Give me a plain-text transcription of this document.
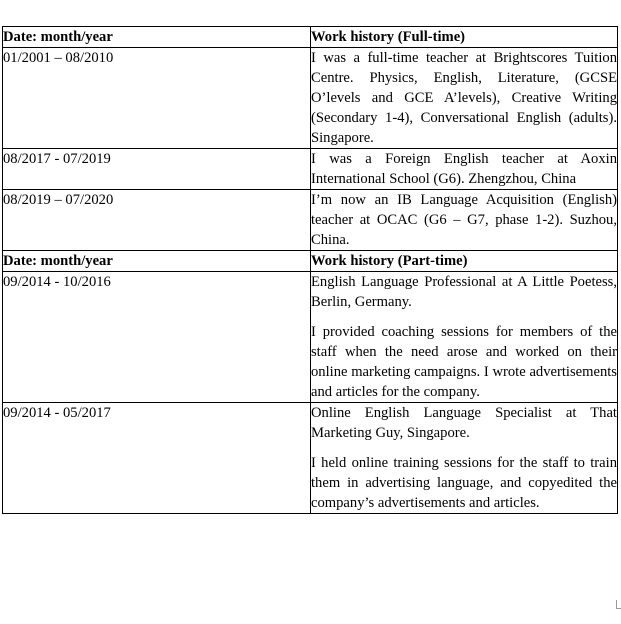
Date: month/year	Work history (Full-time)

01/2001 – 08/2010	I was a full-time teacher at Brightscores Tuition Centre. Physics, English, Literature, (GCSE O’levels and GCE A’levels), Creative Writing (Secondary 1-4), Conversational English (adults). Singapore.

08/2017 - 07/2019	I was a Foreign English teacher at Aoxin International School (G6). Zhengzhou, China

08/2019 – 07/2020	I’m now an IB Language Acquisition (English) teacher at OCAC (G6 – G7, phase 1-2). Suzhou, China.

Date: month/year	Work history (Part-time)

09/2014 - 10/2016	English Language Professional at A Little Poetess, Berlin, Germany.

I provided coaching sessions for members of the staff when the need arose and worked on their online marketing campaigns. I wrote advertisements and articles for the company.

09/2014 - 05/2017	Online English Language Specialist at That Marketing Guy, Singapore.

I held online training sessions for the staff to train them in advertising language, and copyedited the company’s advertisements and articles.
